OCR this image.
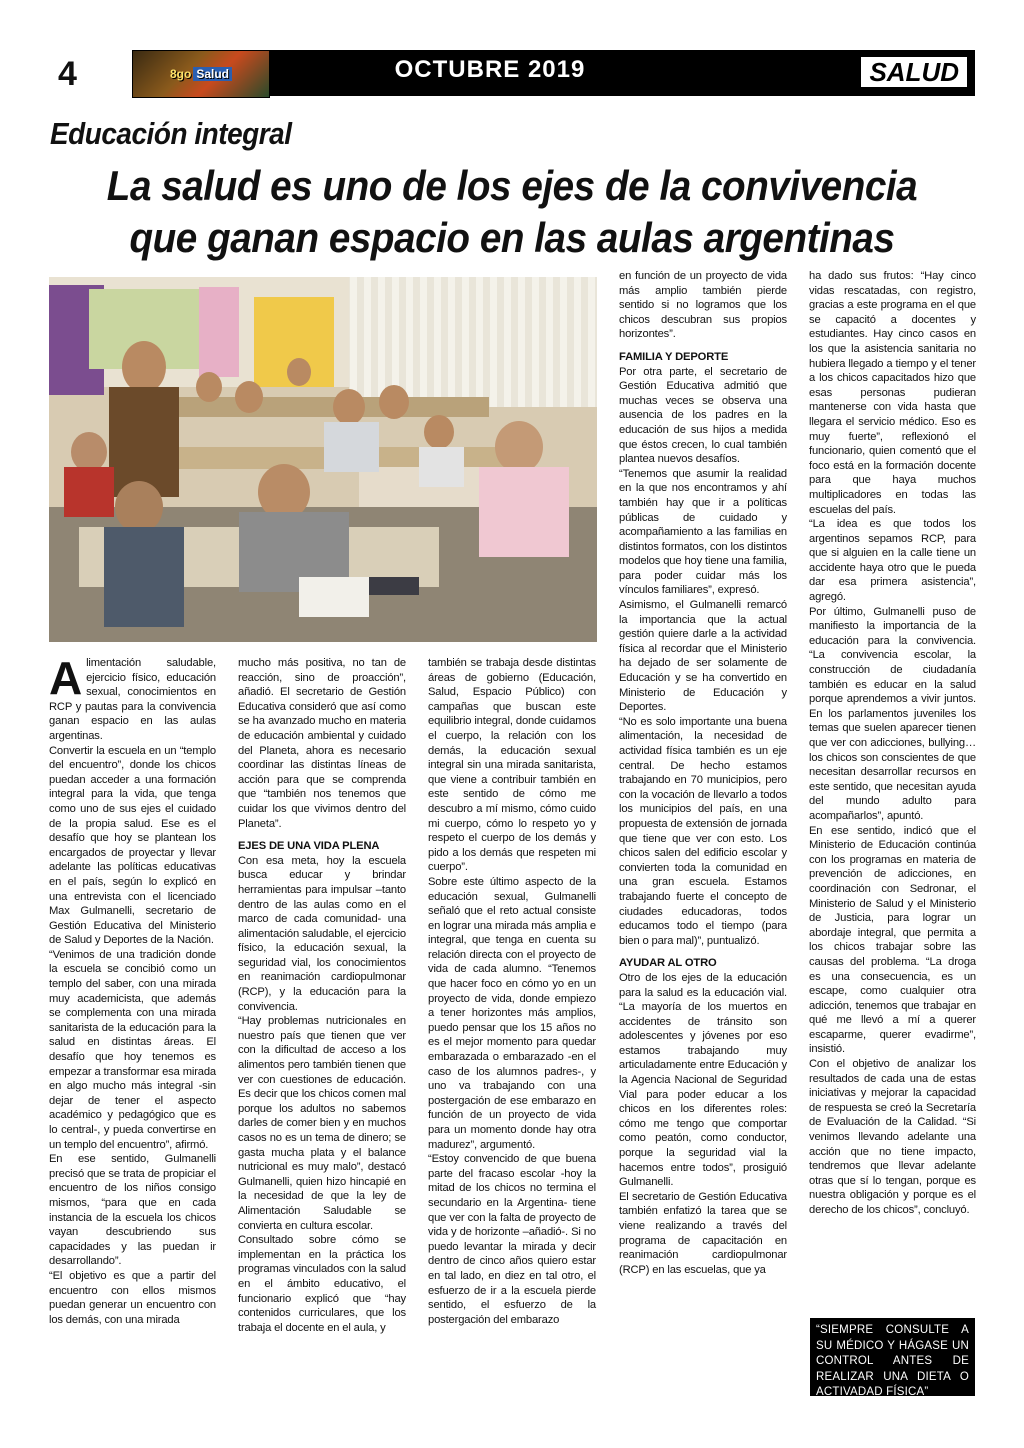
4	8go Salud	OCTUBRE 2019	SALUD
Educación integral
La salud es uno de los ejes de la convivencia que ganan espacio en las aulas argentinas

Alimentación saludable, ejercicio físico, educación sexual, conocimientos en RCP y pautas para la convivencia ganan espacio en las aulas argentinas.

Convertir la escuela en un “templo del encuentro”, donde los chicos puedan acceder a una formación integral para la vida, que tenga como uno de sus ejes el cuidado de la propia salud. Ese es el desafío que hoy se plantean los encargados de proyectar y llevar adelante las políticas educativas en el país, según lo explicó en una entrevista con el licenciado Max Gulmanelli, secretario de Gestión Educativa del Ministerio de Salud y Deportes de la Nación.

“Venimos de una tradición donde la escuela se concibió como un templo del saber, con una mirada muy academicista, que además se complementa con una mirada sanitarista de la educación para la salud en distintas áreas. El desafío que hoy tenemos es empezar a transformar esa mirada en algo mucho más integral -sin dejar de tener el aspecto académico y pedagógico que es lo central-, y pueda convertirse en un templo del encuentro”, afirmó.

En ese sentido, Gulmanelli precisó que se trata de propiciar el encuentro de los niños consigo mismos, “para que en cada instancia de la escuela los chicos vayan descubriendo sus capacidades y las puedan ir desarrollando”.

“El objetivo es que a partir del encuentro con ellos mismos puedan generar un encuentro con los demás, con una mirada

mucho más positiva, no tan de reacción, sino de proacción”, añadió. El secretario de Gestión Educativa consideró que así como se ha avanzado mucho en materia de educación ambiental y cuidado del Planeta, ahora es necesario coordinar las distintas líneas de acción para que se comprenda que “también nos tenemos que cuidar los que vivimos dentro del Planeta”.

EJES DE UNA VIDA PLENA

Con esa meta, hoy la escuela busca educar y brindar herramientas para impulsar –tanto dentro de las aulas como en el marco de cada comunidad- una alimentación saludable, el ejercicio físico, la educación sexual, la seguridad vial, los conocimientos en reanimación cardiopulmonar (RCP), y la educación para la convivencia.

“Hay problemas nutricionales en nuestro país que tienen que ver con la dificultad de acceso a los alimentos pero también tienen que ver con cuestiones de educación. Es decir que los chicos comen mal porque los adultos no sabemos darles de comer bien y en muchos casos no es un tema de dinero; se gasta mucha plata y el balance nutricional es muy malo”, destacó Gulmanelli, quien hizo hincapié en la necesidad de que la ley de Alimentación Saludable se convierta en cultura escolar.

Consultado sobre cómo se implementan en la práctica los programas vinculados con la salud en el ámbito educativo, el funcionario explicó que “hay contenidos curriculares, que los trabaja el docente en el aula, y

también se trabaja desde distintas áreas de gobierno (Educación, Salud, Espacio Público) con campañas que buscan este equilibrio integral, donde cuidamos el cuerpo, la relación con los demás, la educación sexual integral sin una mirada sanitarista, que viene a contribuir también en este sentido de cómo me descubro a mí mismo, cómo cuido mi cuerpo, cómo lo respeto yo y respeto el cuerpo de los demás y pido a los demás que respeten mi cuerpo”.

Sobre este último aspecto de la educación sexual, Gulmanelli señaló que el reto actual consiste en lograr una mirada más amplia e integral, que tenga en cuenta su relación directa con el proyecto de vida de cada alumno. “Tenemos que hacer foco en cómo yo en un proyecto de vida, donde empiezo a tener horizontes más amplios, puedo pensar que los 15 años no es el mejor momento para quedar embarazada o embarazado -en el caso de los alumnos padres-, y uno va trabajando con una postergación de ese embarazo en función de un proyecto de vida para un momento donde hay otra madurez”, argumentó.

“Estoy convencido de que buena parte del fracaso escolar -hoy la mitad de los chicos no termina el secundario en la Argentina- tiene que ver con la falta de proyecto de vida y de horizonte –añadió-. Si no puedo levantar la mirada y decir dentro de cinco años quiero estar en tal lado, en diez en tal otro, el esfuerzo de ir a la escuela pierde sentido, el esfuerzo de la postergación del embarazo

en función de un proyecto de vida más amplio también pierde sentido si no logramos que los chicos descubran sus propios horizontes”.

FAMILIA Y DEPORTE

Por otra parte, el secretario de Gestión Educativa admitió que muchas veces se observa una ausencia de los padres en la educación de sus hijos a medida que éstos crecen, lo cual también plantea nuevos desafíos.

“Tenemos que asumir la realidad en la que nos encontramos y ahí también hay que ir a políticas públicas de cuidado y acompañamiento a las familias en distintos formatos, con los distintos modelos que hoy tiene una familia, para poder cuidar más los vínculos familiares”, expresó.

Asimismo, el Gulmanelli remarcó la importancia que la actual gestión quiere darle a la actividad física al recordar que el Ministerio ha dejado de ser solamente de Educación y se ha convertido en Ministerio de Educación y Deportes.

“No es solo importante una buena alimentación, la necesidad de actividad física también es un eje central. De hecho estamos trabajando en 70 municipios, pero con la vocación de llevarlo a todos los municipios del país, en una propuesta de extensión de jornada que tiene que ver con esto. Los chicos salen del edificio escolar y convierten toda la comunidad en una gran escuela. Estamos trabajando fuerte el concepto de ciudades educadoras, todos educamos todo el tiempo (para bien o para mal)”, puntualizó.

AYUDAR AL OTRO

Otro de los ejes de la educación para la salud es la educación vial. “La mayoría de los muertos en accidentes de tránsito son adolescentes y jóvenes por eso estamos trabajando muy articuladamente entre Educación y la Agencia Nacional de Seguridad Vial para poder educar a los chicos en los diferentes roles: cómo me tengo que comportar como peatón, como conductor, porque la seguridad vial la hacemos entre todos”, prosiguió Gulmanelli.

El secretario de Gestión Educativa también enfatizó la tarea que se viene realizando a través del programa de capacitación en reanimación cardiopulmonar (RCP) en las escuelas, que ya

ha dado sus frutos: “Hay cinco vidas rescatadas, con registro, gracias a este programa en el que se capacitó a docentes y estudiantes. Hay cinco casos en los que la asistencia sanitaria no hubiera llegado a tiempo y el tener a los chicos capacitados hizo que esas personas pudieran mantenerse con vida hasta que llegara el servicio médico. Eso es muy fuerte”, reflexionó el funcionario, quien comentó que el foco está en la formación docente para que haya muchos multiplicadores en todas las escuelas del país.

“La idea es que todos los argentinos sepamos RCP, para que si alguien en la calle tiene un accidente haya otro que le pueda dar esa primera asistencia”, agregó.

Por último, Gulmanelli puso de manifiesto la importancia de la educación para la convivencia. “La convivencia escolar, la construcción de ciudadanía también es educar en la salud porque aprendemos a vivir juntos. En los parlamentos juveniles los temas que suelen aparecer tienen que ver con adicciones, bullying… los chicos son conscientes de que necesitan desarrollar recursos en este sentido, que necesitan ayuda del mundo adulto para acompañarlos”, apuntó.

En ese sentido, indicó que el Ministerio de Educación continúa con los programas en materia de prevención de adicciones, en coordinación con Sedronar, el Ministerio de Salud y el Ministerio de Justicia, para lograr un abordaje integral, que permita a los chicos trabajar sobre las causas del problema. “La droga es una consecuencia, es un escape, como cualquier otra adicción, tenemos que trabajar en qué me llevó a mí a querer escaparme, querer evadirme”, insistió.

Con el objetivo de analizar los resultados de cada una de estas iniciativas y mejorar la capacidad de respuesta se creó la Secretaría de Evaluación de la Calidad. “Si venimos llevando adelante una acción que no tiene impacto, tendremos que llevar adelante otras que sí lo tengan, porque es nuestra obligación y porque es el derecho de los chicos”, concluyó.

“SIEMPRE CONSULTE A SU MÉDICO Y HÁGASE UN CONTROL ANTES DE REALIZAR UNA DIETA O ACTIVADAD FÍSICA”
